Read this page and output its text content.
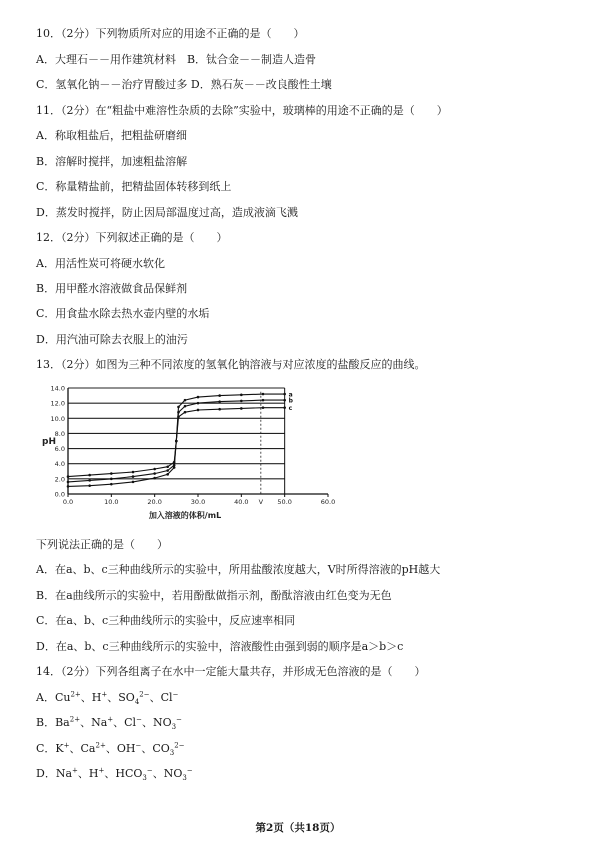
10．（2分）下列物质所对应的用途不正确的是（　　）
A．大理石－－用作建筑材料　B．钛合金－－制造人造骨
C．氢氧化钠－－治疗胃酸过多 D．熟石灰－－改良酸性土壤
11．（2分）在“粗盐中难溶性杂质的去除”实验中，玻璃棒的用途不正确的是（　　）
A．称取粗盐后，把粗盐研磨细
B．溶解时搅拌，加速粗盐溶解
C．称量精盐前，把精盐固体转移到纸上
D．蒸发时搅拌，防止因局部温度过高，造成液滴飞溅
12．（2分）下列叙述正确的是（　　）
A．用活性炭可将硬水软化
B．用甲醛水溶液做食品保鲜剂
C．用食盐水除去热水壶内壁的水垢
D．用汽油可除去衣服上的油污
13．（2分）如图为三种不同浓度的氢氧化钠溶液与对应浓度的盐酸反应的曲线。
0.0
2.0
4.0
6.0
8.0
10.0
12.0
14.0
0.0	10.0	20.0	30.0	40.0	50.0	60.0
V
pH
加入溶液的体积/mL
a
b
c
下列说法正确的是（　　）
A．在a、b、c三种曲线所示的实验中，所用盐酸浓度越大，V时所得溶液的pH越大
B．在a曲线所示的实验中，若用酚酞做指示剂，酚酞溶液由红色变为无色
C．在a、b、c三种曲线所示的实验中，反应速率相同
D．在a、b、c三种曲线所示的实验中，溶液酸性由强到弱的顺序是a＞b＞c
14．（2分）下列各组离子在水中一定能大量共存，并形成无色溶液的是（　　）
A．$Cu^{2+}$、H+、$SO_4^{2-}$、Cl−
B．$Ba^{2+}$、Na+、Cl−、$NO_3^-$
C．K+、$Ca^{2+}$、OH−、$CO_3^{2-}$
D．Na+、H+、$HCO_3^-$、$NO_3^-$
第2页（共18页）
